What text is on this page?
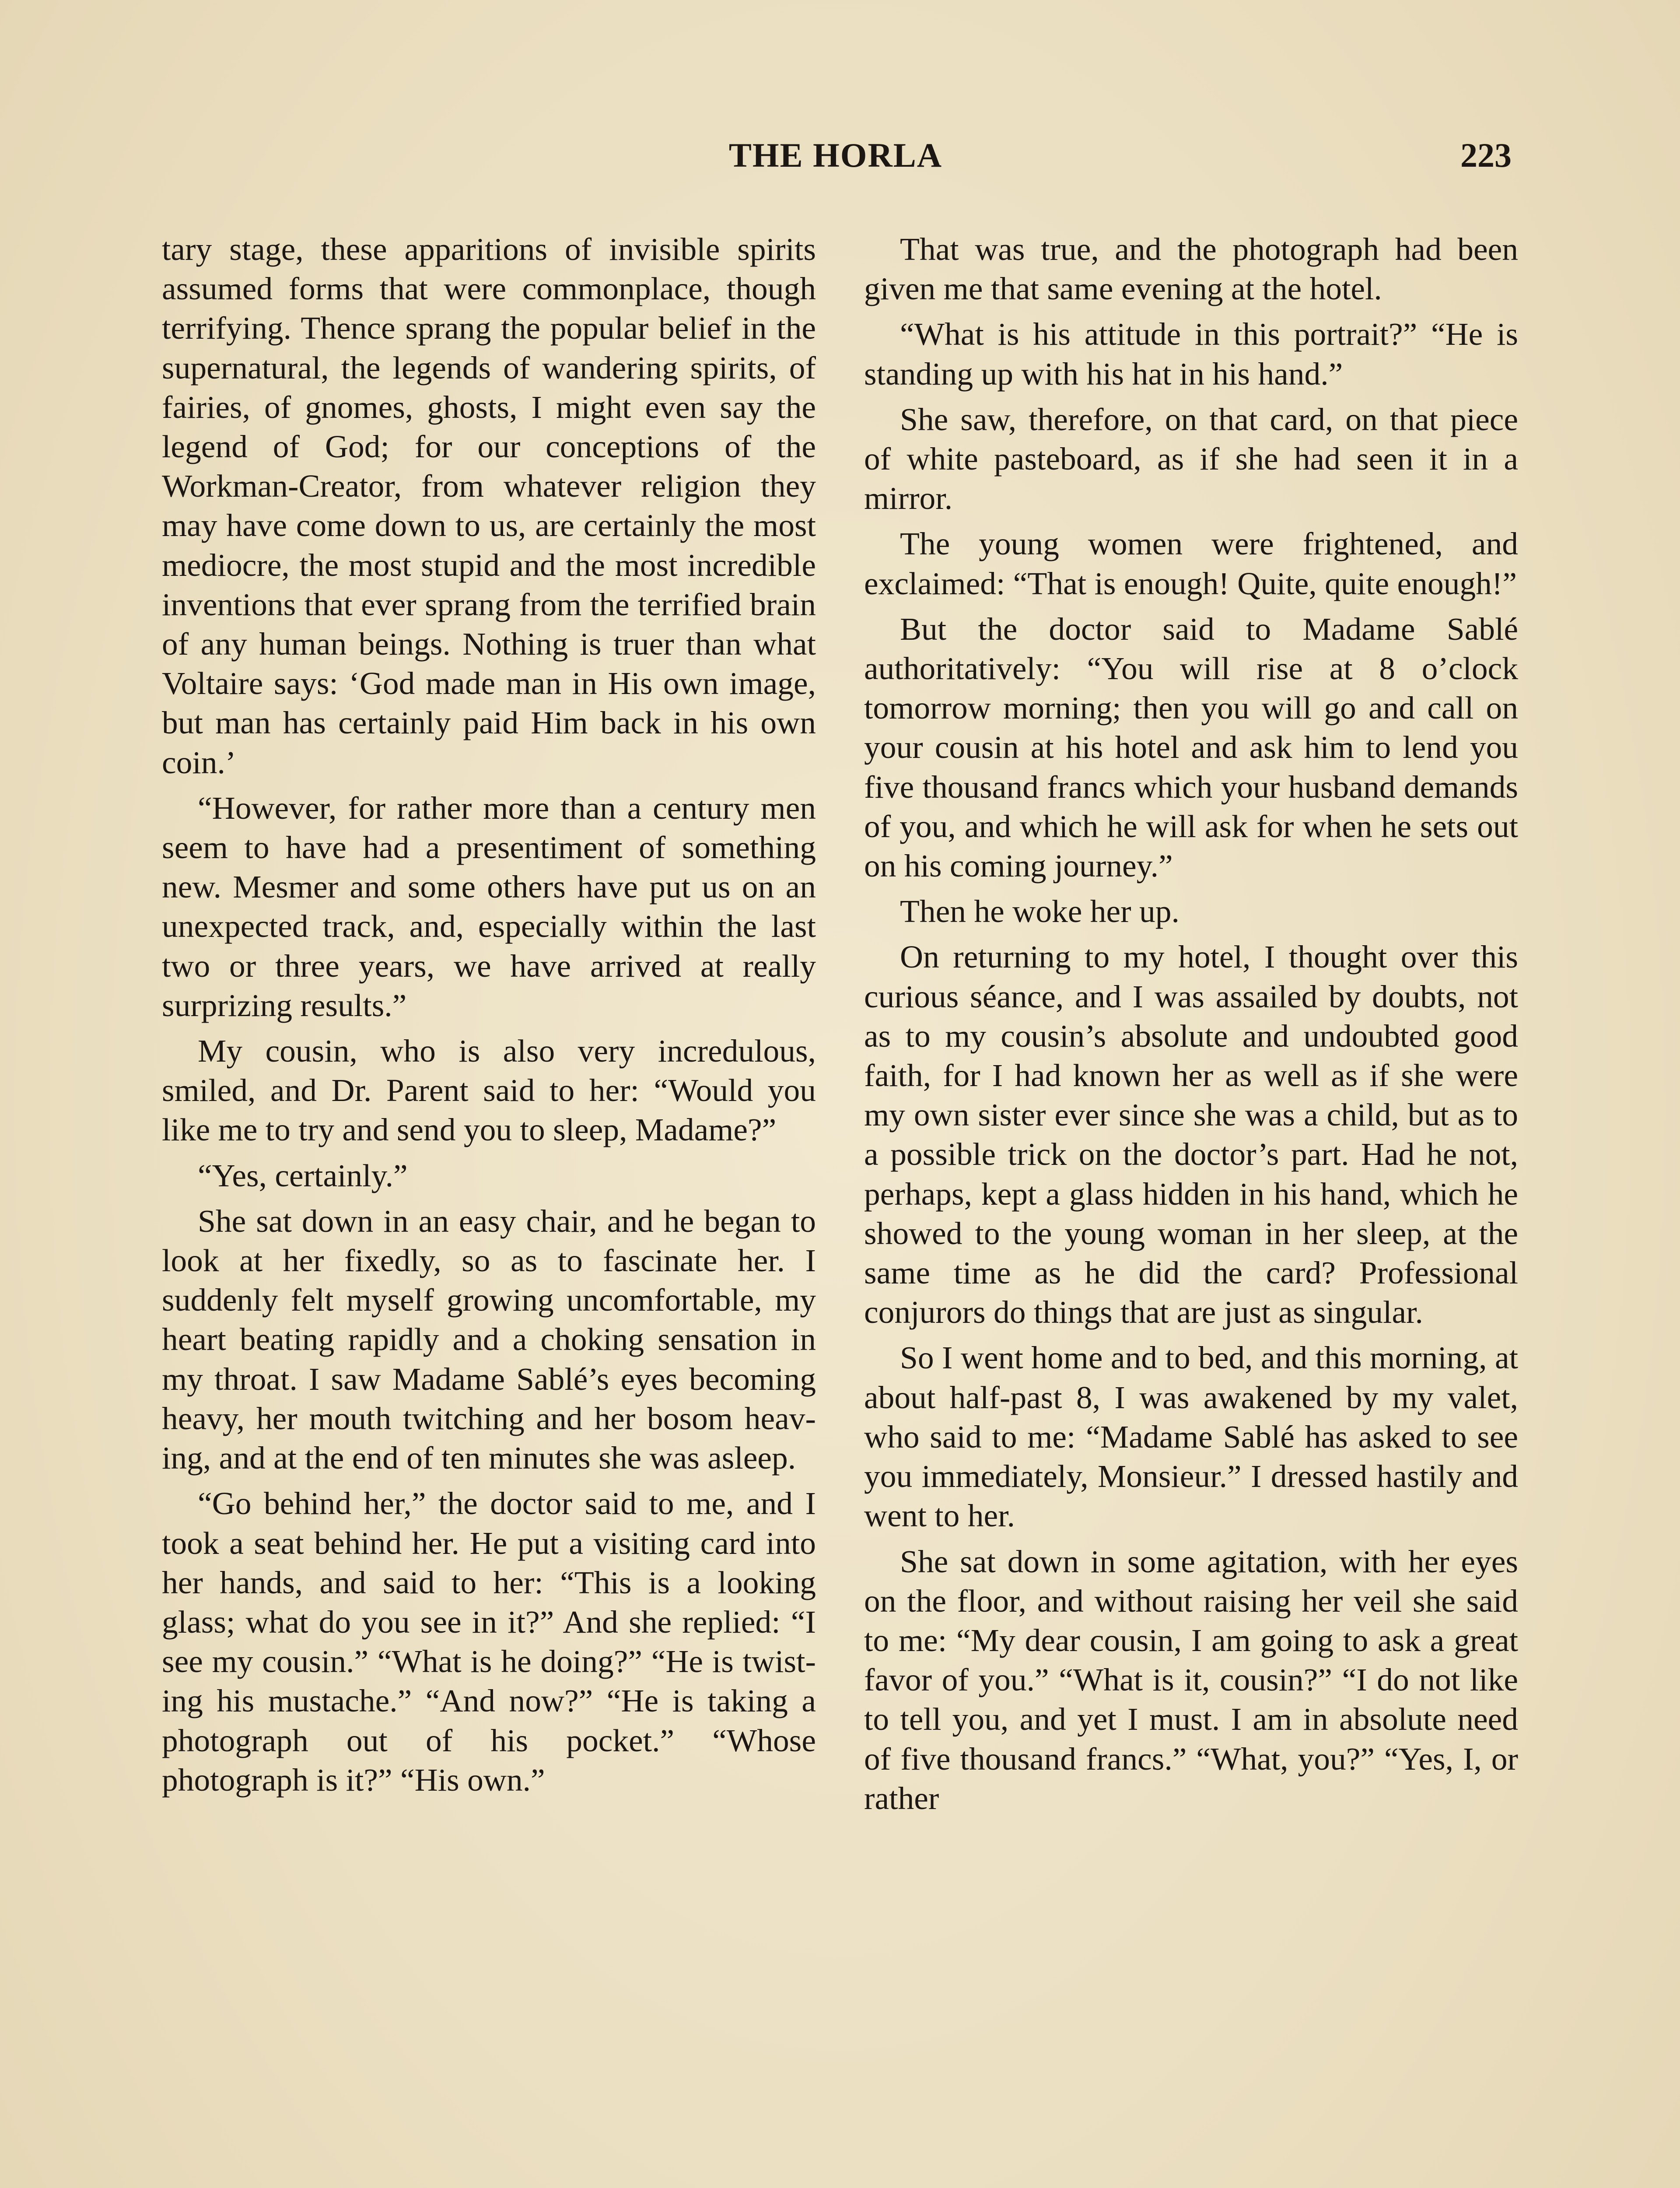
THE HORLA	223

tary stage, these apparitions of invisible spirits assumed forms that were commonplace, though terrifying. Thence sprang the popular belief in the supernatural, the legends of wandering spirits, of fairies, of gnomes, ghosts, I might even say the legend of God; for our conceptions of the Workman-Creator, from whatever religion they may have come down to us, are certainly the most mediocre, the most stupid and the most incredible inventions that ever sprang from the terrified brain of any human beings. Nothing is truer than what Voltaire says: ‘God made man in His own image, but man has certainly paid Him back in his own coin.’

“However, for rather more than a century men seem to have had a presentiment of something new. Mesmer and some others have put us on an unexpected track, and, especially within the last two or three years, we have arrived at really surprizing results.”

My cousin, who is also very incredulous, smiled, and Dr. Parent said to her: “Would you like me to try and send you to sleep, Madame?”

“Yes, certainly.”

She sat down in an easy chair, and he began to look at her fixedly, so as to fascinate her. I suddenly felt myself growing uncomfortable, my heart beating rapidly and a choking sensation in my throat. I saw Madame Sablé’s eyes becoming heavy, her mouth twitching and her bosom heaving, and at the end of ten minutes she was asleep.

“Go behind her,” the doctor said to me, and I took a seat behind her. He put a visiting card into her hands, and said to her: “This is a looking glass; what do you see in it?” And she replied: “I see my cousin.” “What is he doing?” “He is twisting his mustache.” “And now?” “He is taking a photograph out of his pocket.” “Whose photograph is it?” “His own.”

That was true, and the photograph had been given me that same evening at the hotel.

“What is his attitude in this portrait?” “He is standing up with his hat in his hand.”

She saw, therefore, on that card, on that piece of white pasteboard, as if she had seen it in a mirror.

The young women were frightened, and exclaimed: “That is enough! Quite, quite enough!”

But the doctor said to Madame Sablé authoritatively: “You will rise at 8 o’clock tomorrow morning; then you will go and call on your cousin at his hotel and ask him to lend you five thousand francs which your husband demands of you, and which he will ask for when he sets out on his coming journey.”

Then he woke her up.

On returning to my hotel, I thought over this curious séance, and I was assailed by doubts, not as to my cousin’s absolute and undoubted good faith, for I had known her as well as if she were my own sister ever since she was a child, but as to a possible trick on the doctor’s part. Had he not, perhaps, kept a glass hidden in his hand, which he showed to the young woman in her sleep, at the same time as he did the card? Professional conjurors do things that are just as singular.

So I went home and to bed, and this morning, at about half-past 8, I was awakened by my valet, who said to me: “Madame Sablé has asked to see you immediately, Monsieur.” I dressed hastily and went to her.

She sat down in some agitation, with her eyes on the floor, and without raising her veil she said to me: “My dear cousin, I am going to ask a great favor of you.” “What is it, cousin?” “I do not like to tell you, and yet I must. I am in absolute need of five thousand francs.” “What, you?” “Yes, I, or rather
